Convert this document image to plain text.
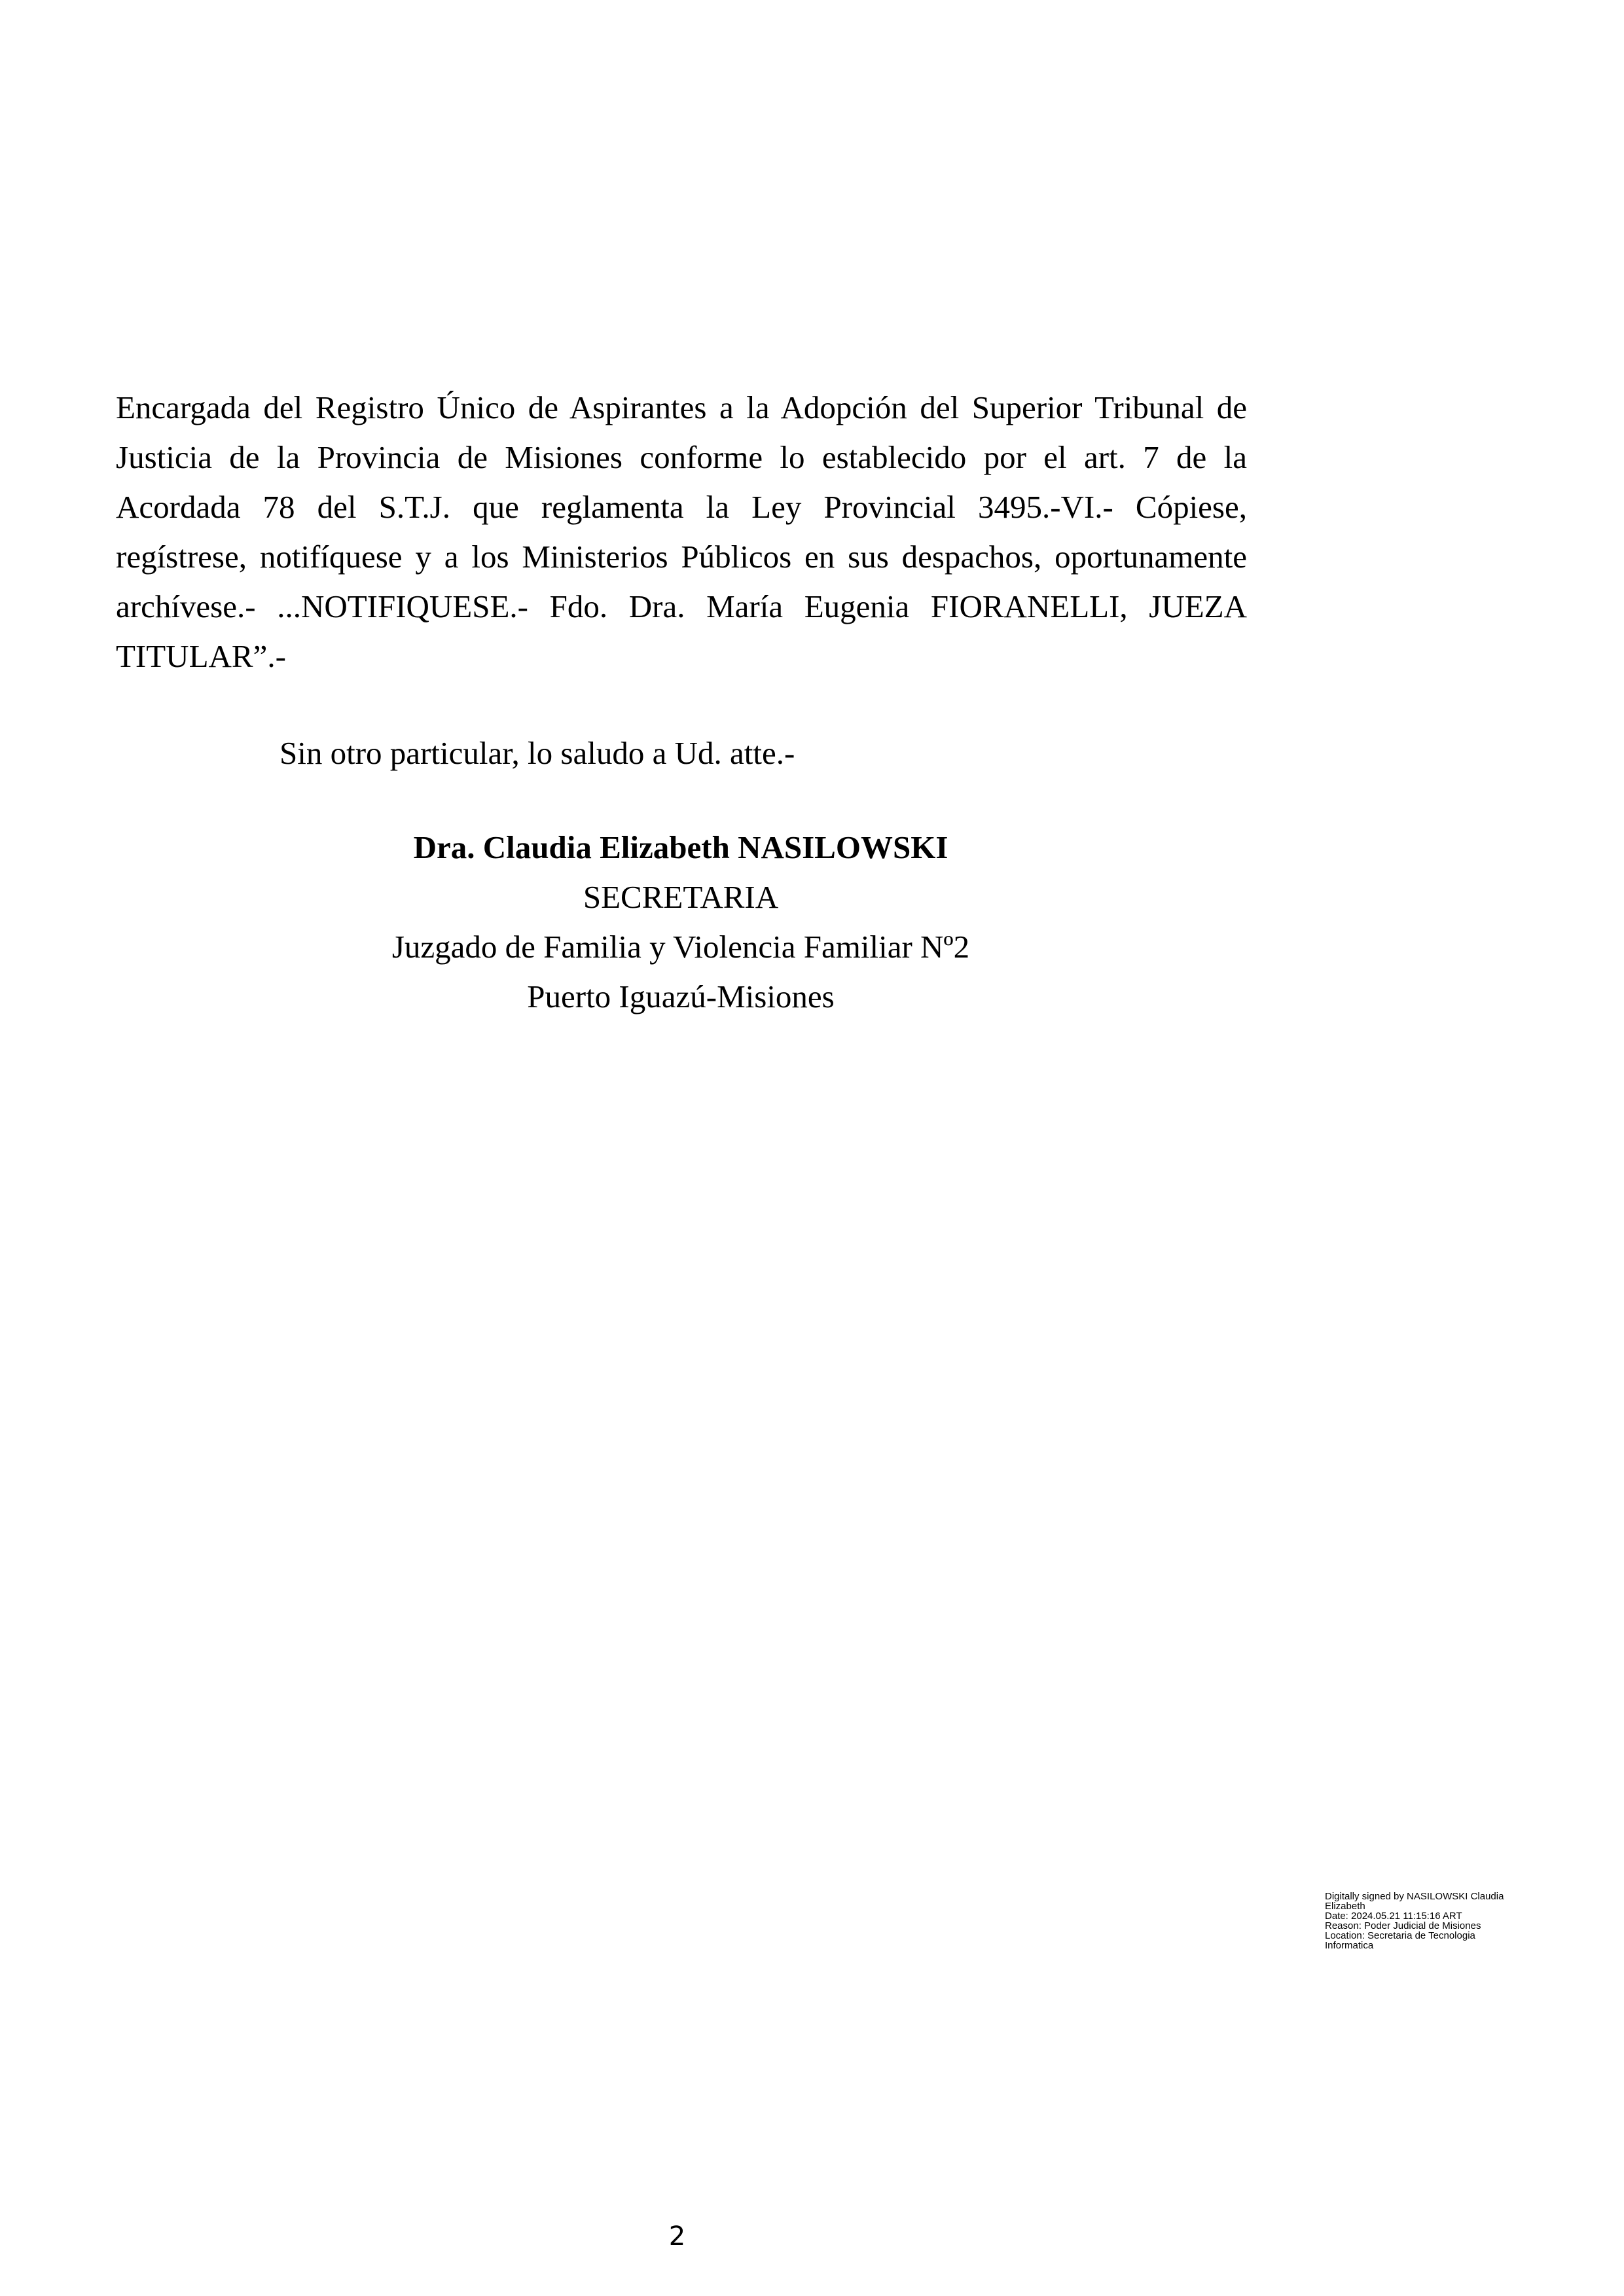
Encargada del Registro Único de Aspirantes a la Adopción del Superior Tribunal de
Justicia de la Provincia de Misiones conforme lo establecido por el art. 7 de la
Acordada 78 del S.T.J. que reglamenta la Ley Provincial 3495.-VI.- Cópiese,
regístrese, notifíquese y a los Ministerios Públicos en sus despachos, oportunamente
archívese.- ...NOTIFIQUESE.- Fdo. Dra. María Eugenia FIORANELLI, JUEZA
TITULAR”.-

Sin otro particular, lo saludo a Ud. atte.-
Dra. Claudia Elizabeth NASILOWSKI
SECRETARIA
Juzgado de Familia y Violencia Familiar Nº2
Puerto Iguazú-Misiones
Digitally signed by NASILOWSKI Claudia
Elizabeth
Date: 2024.05.21 11:15:16 ART
Reason: Poder Judicial de Misiones
Location: Secretaria de Tecnologia
Informatica
2
